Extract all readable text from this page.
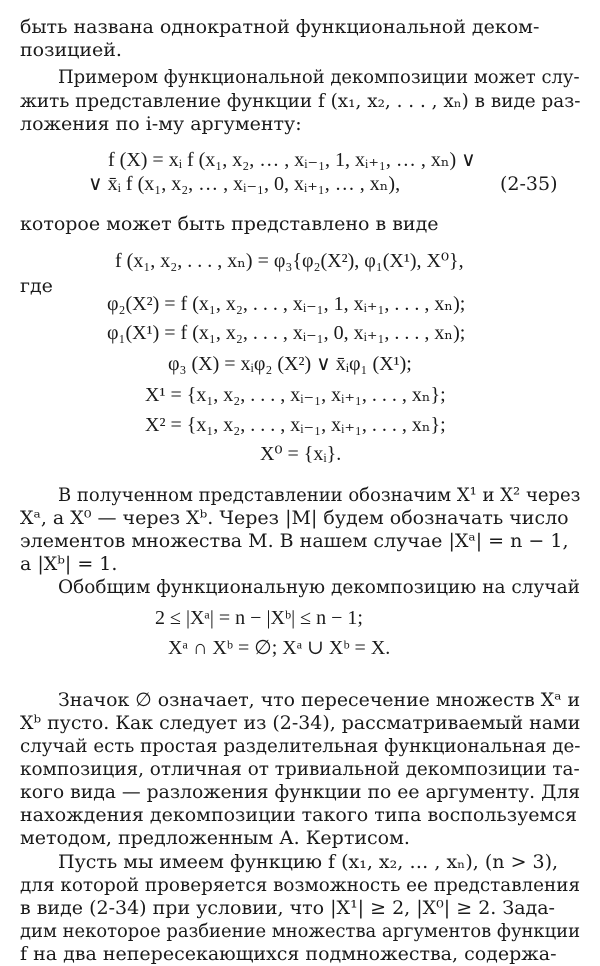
быть названа однократной функциональной деком-
позицией.
Примером функциональной декомпозиции может слу-
жить представление функции f (x₁, x₂, . . . , xₙ) в виде раз-
ложения по i-му аргументу:
f (X) = xᵢ f (x₁, x₂, … , xᵢ₋₁, 1, xᵢ₊₁, … , xₙ) ∨
∨ x̄ᵢ f (x₁, x₂, … , xᵢ₋₁, 0, xᵢ₊₁, … , xₙ),	(2-35)
которое может быть представлено в виде
f (x₁, x₂, . . . , xₙ) = φ₃{φ₂(X²), φ₁(X¹), X⁰},
где
φ₂(X²) = f (x₁, x₂, . . . , xᵢ₋₁, 1, xᵢ₊₁, . . . , xₙ);
φ₁(X¹) = f (x₁, x₂, . . . , xᵢ₋₁, 0, xᵢ₊₁, . . . , xₙ);
φ₃ (X) = xᵢφ₂ (X²) ∨ x̄ᵢφ₁ (X¹);
X¹ = {x₁, x₂, . . . , xᵢ₋₁, xᵢ₊₁, . . . , xₙ};
X² = {x₁, x₂, . . . , xᵢ₋₁, xᵢ₊₁, . . . , xₙ};
X⁰ = {xᵢ}.
В полученном представлении обозначим X¹ и X² через
Xᵃ, а X⁰ — через Xᵇ. Через |M| будем обозначать число
элементов множества M. В нашем случае |Xᵃ| = n − 1,
а |Xᵇ| = 1.
Обобщим функциональную декомпозицию на случай
2 ≤ |Xᵃ| = n − |Xᵇ| ≤ n − 1;
Xᵃ ∩ Xᵇ = ∅; Xᵃ ∪ Xᵇ = X.
Значок ∅ означает, что пересечение множеств Xᵃ и
Xᵇ пусто. Как следует из (2-34), рассматриваемый нами
случай есть простая разделительная функциональная де-
композиция, отличная от тривиальной декомпозиции та-
кого вида — разложения функции по ее аргументу. Для
нахождения декомпозиции такого типа воспользуемся
методом, предложенным А. Кертисом.
Пусть мы имеем функцию f (x₁, x₂, … , xₙ), (n > 3),
для которой проверяется возможность ее представления
в виде (2-34) при условии, что |X¹| ≥ 2, |X⁰| ≥ 2. Зада-
дим некоторое разбиение множества аргументов функции
f на два непересекающихся подмножества, содержа-
